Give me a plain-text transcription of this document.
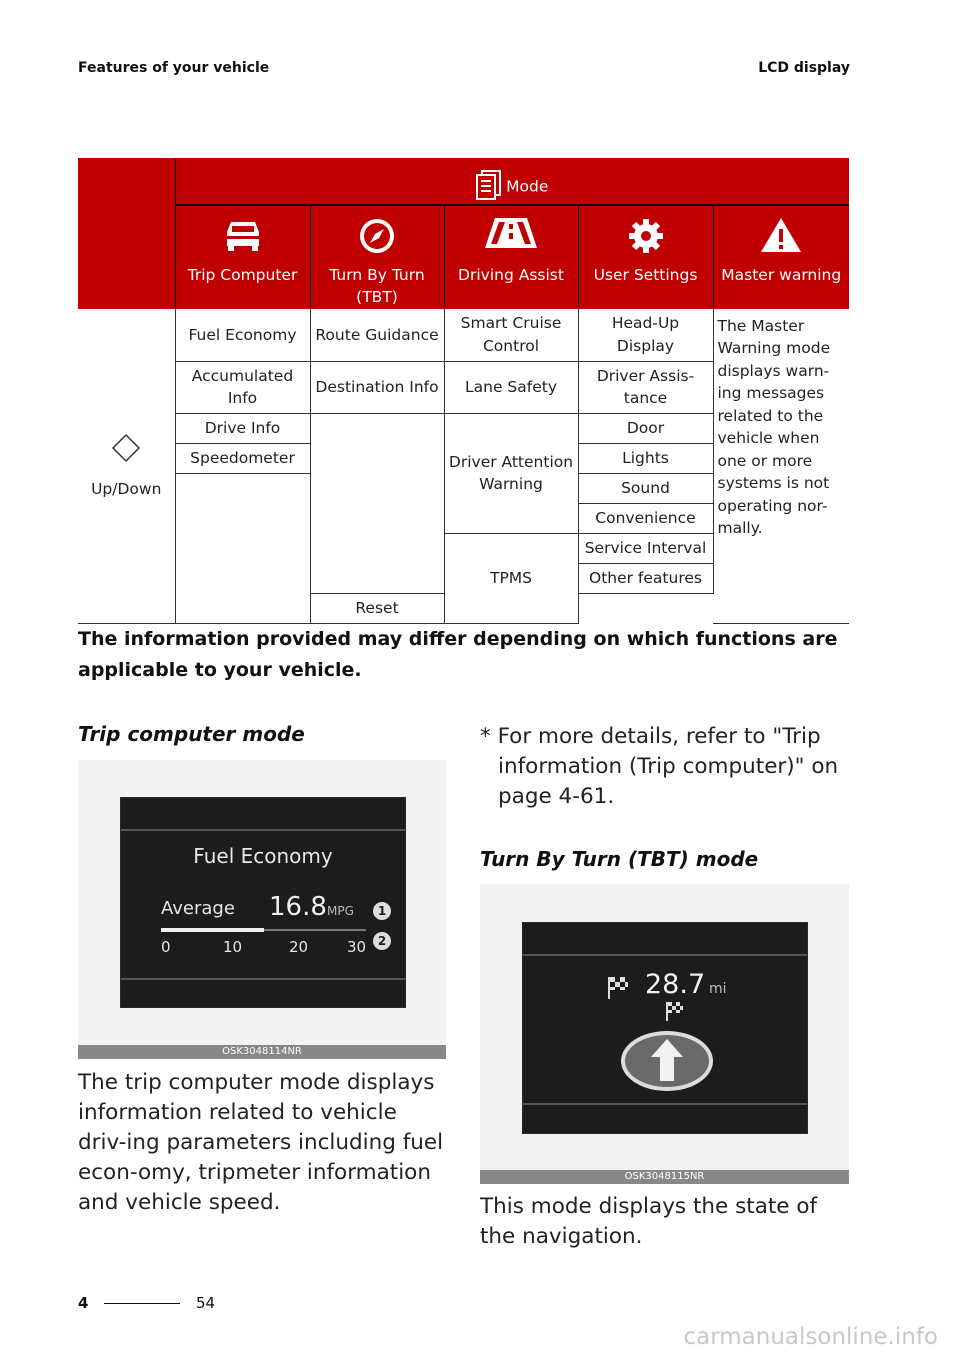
Features of your vehicle	LCD display
	Mode				

Trip Computer	Turn By Turn (TBT)	Driving Assist	User Settings	Master warning

Up/Down	Fuel Economy	Route Guidance	Smart Cruise Control	Head-Up Display	The Master Warning mode displays warn-ing messages related to the vehicle when one or more systems is not operating nor-mally.
	Accumulated Info	Destination Info	Lane Safety	Driver Assis-tance	
	Drive Info		Driver Attention Warning	Door	
	Speedometer			Lights	
				Sound	
				Convenience	
			TPMS	Service Interval	
				Other features	
		Reset			
The information provided may differ depending on which functions are applicable to your vehicle.
Trip computer mode
Fuel Economy
Average 16.8 MPG	1
2
0	10	20	30
OSK3048114NR
The trip computer mode displays information related to vehicle driv-ing parameters including fuel econ-omy, tripmeter information and vehicle speed.
* For more details, refer to "Trip
information (Trip computer)" on
page 4-61.
Turn By Turn (TBT) mode
28.7 mi
OSK3048115NR
This mode displays the state of the navigation.
4	54
carmanualsonline.info
